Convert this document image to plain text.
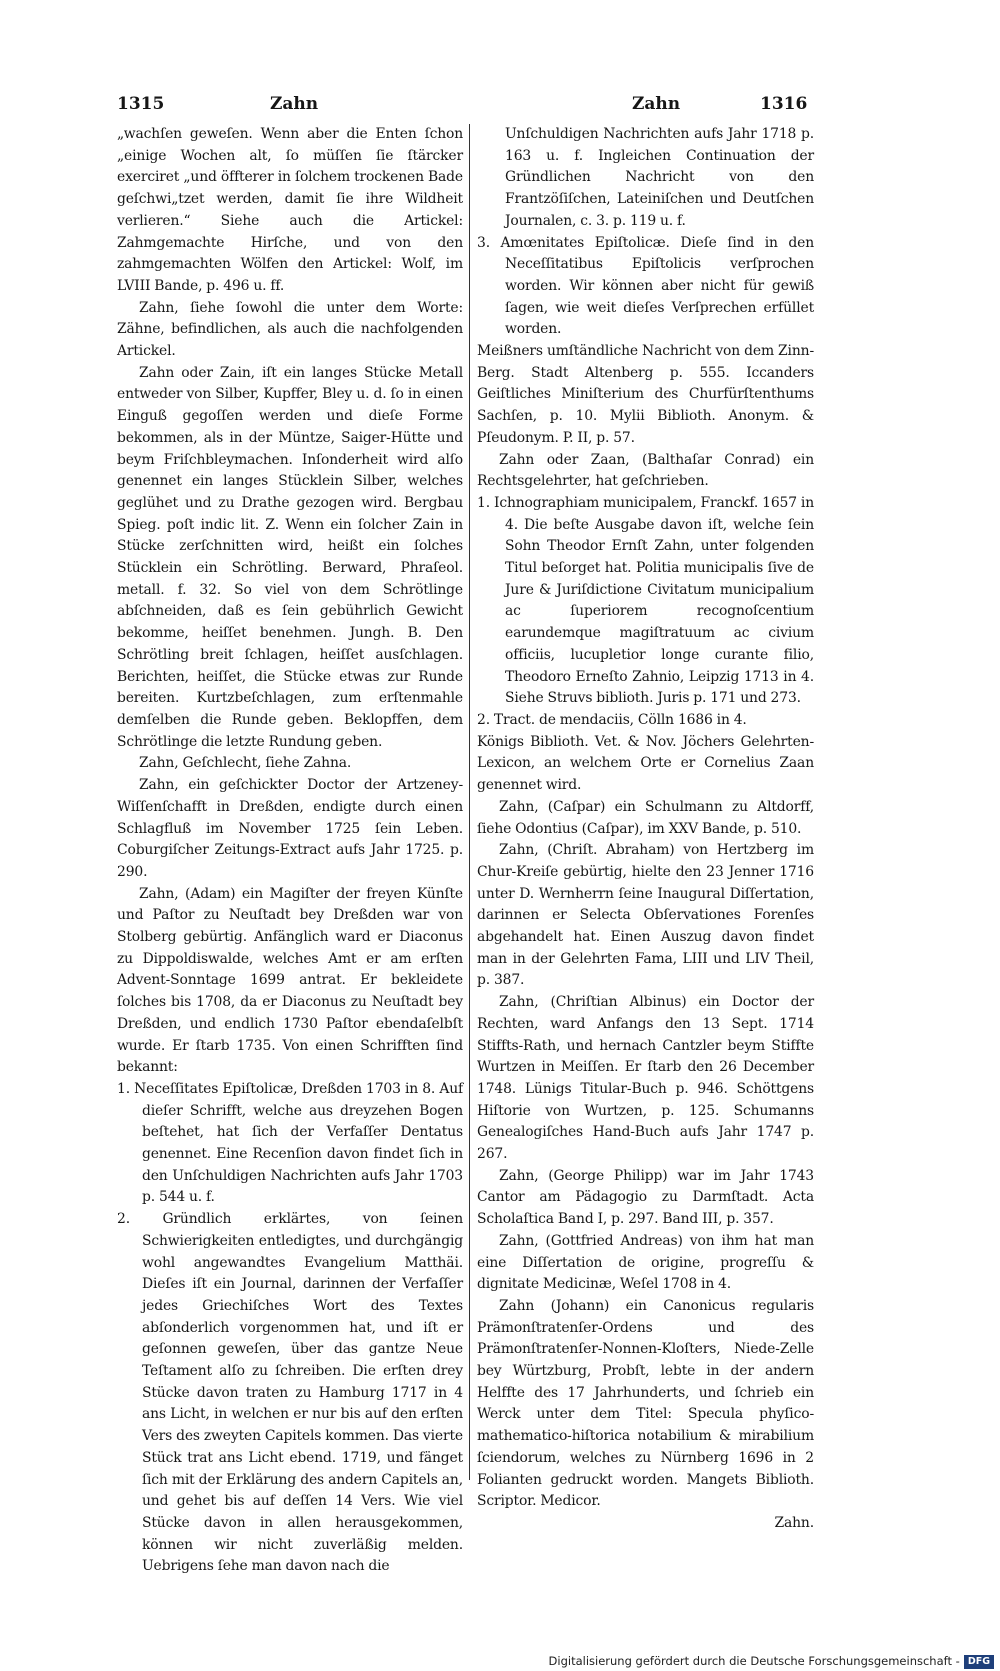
1315	Zahn	Zahn	1316

„wachſen geweſen. Wenn aber die Enten ſchon „einige Wochen alt, ſo müſſen ſie ſtärcker exerciret „und öffterer in ſolchem trockenen Bade geſchwi„tzet werden, damit ſie ihre Wildheit verlieren.“ Siehe auch die Artickel: Zahmgemachte Hirſche, und von den zahmgemachten Wölfen den Artickel: Wolf, im LVIII Bande, p. 496 u. ff.

Zahn, ſiehe ſowohl die unter dem Worte: Zähne, befindlichen, als auch die nachfolgenden Artickel.

Zahn oder Zain, iſt ein langes Stücke Metall entweder von Silber, Kupffer, Bley u. d. ſo in einen Einguß gegoſſen werden und dieſe Forme bekommen, als in der Müntze, Saiger-Hütte und beym Friſchbleymachen. Inſonderheit wird alſo genennet ein langes Stücklein Silber, welches geglühet und zu Drathe gezogen wird. Bergbau Spieg. poſt indic lit. Z. Wenn ein ſolcher Zain in Stücke zerſchnitten wird, heißt ein ſolches Stücklein ein Schrötling. Berward, Phraſeol. metall. f. 32. So viel von dem Schrötlinge abſchneiden, daß es ſein gebührlich Gewicht bekomme, heiſſet benehmen. Jungh. B. Den Schrötling breit ſchlagen, heiſſet ausſchlagen. Berichten, heiſſet, die Stücke etwas zur Runde bereiten. Kurtzbeſchlagen, zum erſtenmahle demſelben die Runde geben. Beklopffen, dem Schrötlinge die letzte Rundung geben.

Zahn, Geſchlecht, ſiehe Zahna.

Zahn, ein geſchickter Doctor der Artzeney-Wiſſenſchafft in Dreßden, endigte durch einen Schlagfluß im November 1725 ſein Leben. Coburgiſcher Zeitungs-Extract aufs Jahr 1725. p. 290.

Zahn, (Adam) ein Magiſter der freyen Künſte und Paſtor zu Neuſtadt bey Dreßden war von Stolberg gebürtig. Anfänglich ward er Diaconus zu Dippoldiswalde, welches Amt er am erſten Advent-Sonntage 1699 antrat. Er bekleidete ſolches bis 1708, da er Diaconus zu Neuſtadt bey Dreßden, und endlich 1730 Paſtor ebendaſelbſt wurde. Er ſtarb 1735. Von einen Schrifften ſind bekannt:

1. Neceſſitates Epiſtolicæ, Dreßden 1703 in 8. Auf dieſer Schrifft, welche aus dreyzehen Bogen beſtehet, hat ſich der Verfaſſer Dentatus genennet. Eine Recenſion davon findet ſich in den Unſchuldigen Nachrichten aufs Jahr 1703 p. 544 u. f.

2. Gründlich erklärtes, von ſeinen Schwierigkeiten entledigtes, und durchgängig wohl angewandtes Evangelium Matthäi. Dieſes iſt ein Journal, darinnen der Verfaſſer jedes Griechiſches Wort des Textes abſonderlich vorgenommen hat, und iſt er geſonnen geweſen, über das gantze Neue Teſtament alſo zu ſchreiben. Die erſten drey Stücke davon traten zu Hamburg 1717 in 4 ans Licht, in welchen er nur bis auf den erſten Vers des zweyten Capitels kommen. Das vierte Stück trat ans Licht ebend. 1719, und fänget ſich mit der Erklärung des andern Capitels an, und gehet bis auf deſſen 14 Vers. Wie viel Stücke davon in allen herausgekommen, können wir nicht zuverläßig melden. Uebrigens ſehe man davon nach die

Unſchuldigen Nachrichten aufs Jahr 1718 p. 163 u. f. Ingleichen Continuation der Gründlichen Nachricht von den Frantzöſiſchen, Lateiniſchen und Deutſchen Journalen, c. 3. p. 119 u. f.

3. Amœnitates Epiſtolicæ. Dieſe ſind in den Neceſſitatibus Epiſtolicis verſprochen worden. Wir können aber nicht für gewiß ſagen, wie weit dieſes Verſprechen erfüllet worden.

Meißners umſtändliche Nachricht von dem Zinn-Berg. Stadt Altenberg p. 555. Iccanders Geiſtliches Miniſterium des Churfürſtenthums Sachſen, p. 10. Mylii Biblioth. Anonym. & Pſeudonym. P. II, p. 57.

Zahn oder Zaan, (Balthaſar Conrad) ein Rechtsgelehrter, hat geſchrieben.

1. Ichnographiam municipalem, Franckf. 1657 in 4. Die beſte Ausgabe davon iſt, welche ſein Sohn Theodor Ernſt Zahn, unter folgenden Titul beſorget hat. Politia municipalis ſive de Jure & Juriſdictione Civitatum municipalium ac ſuperiorem recognoſcentium earundemque magiſtratuum ac civium officiis, lucupletior longe curante filio, Theodoro Erneſto Zahnio, Leipzig 1713 in 4. Siehe Struvs biblioth. Juris p. 171 und 273.

2. Tract. de mendaciis, Cölln 1686 in 4.

Königs Biblioth. Vet. & Nov. Jöchers Gelehrten-Lexicon, an welchem Orte er Cornelius Zaan genennet wird.

Zahn, (Caſpar) ein Schulmann zu Altdorff, ſiehe Odontius (Caſpar), im XXV Bande, p. 510.

Zahn, (Chriſt. Abraham) von Hertzberg im Chur-Kreiſe gebürtig, hielte den 23 Jenner 1716 unter D. Wernherrn ſeine Inaugural Diſſertation, darinnen er Selecta Obſervationes Forenſes abgehandelt hat. Einen Auszug davon findet man in der Gelehrten Fama, LIII und LIV Theil, p. 387.

Zahn, (Chriſtian Albinus) ein Doctor der Rechten, ward Anfangs den 13 Sept. 1714 Stiffts-Rath, und hernach Cantzler beym Stiffte Wurtzen in Meiſſen. Er ſtarb den 26 December 1748. Lünigs Titular-Buch p. 946. Schöttgens Hiſtorie von Wurtzen, p. 125. Schumanns Genealogiſches Hand-Buch aufs Jahr 1747 p. 267.

Zahn, (George Philipp) war im Jahr 1743 Cantor am Pädagogio zu Darmſtadt. Acta Scholaſtica Band I, p. 297. Band III, p. 357.

Zahn, (Gottfried Andreas) von ihm hat man eine Diſſertation de origine, progreſſu & dignitate Medicinæ, Weſel 1708 in 4.

Zahn (Johann) ein Canonicus regularis Prämonſtratenſer-Ordens und des Prämonſtratenſer-Nonnen-Kloſters, Niede-Zelle bey Würtzburg, Probſt, lebte in der andern Helffte des 17 Jahrhunderts, und ſchrieb ein Werck unter dem Titel: Specula phyſico-mathematico-hiſtorica notabilium & mirabilium ſciendorum, welches zu Nürnberg 1696 in 2 Folianten gedruckt worden. Mangets Biblioth. Scriptor. Medicor.

Zahn.

Digitalisierung gefördert durch die Deutsche Forschungsgemeinschaft - DFG
